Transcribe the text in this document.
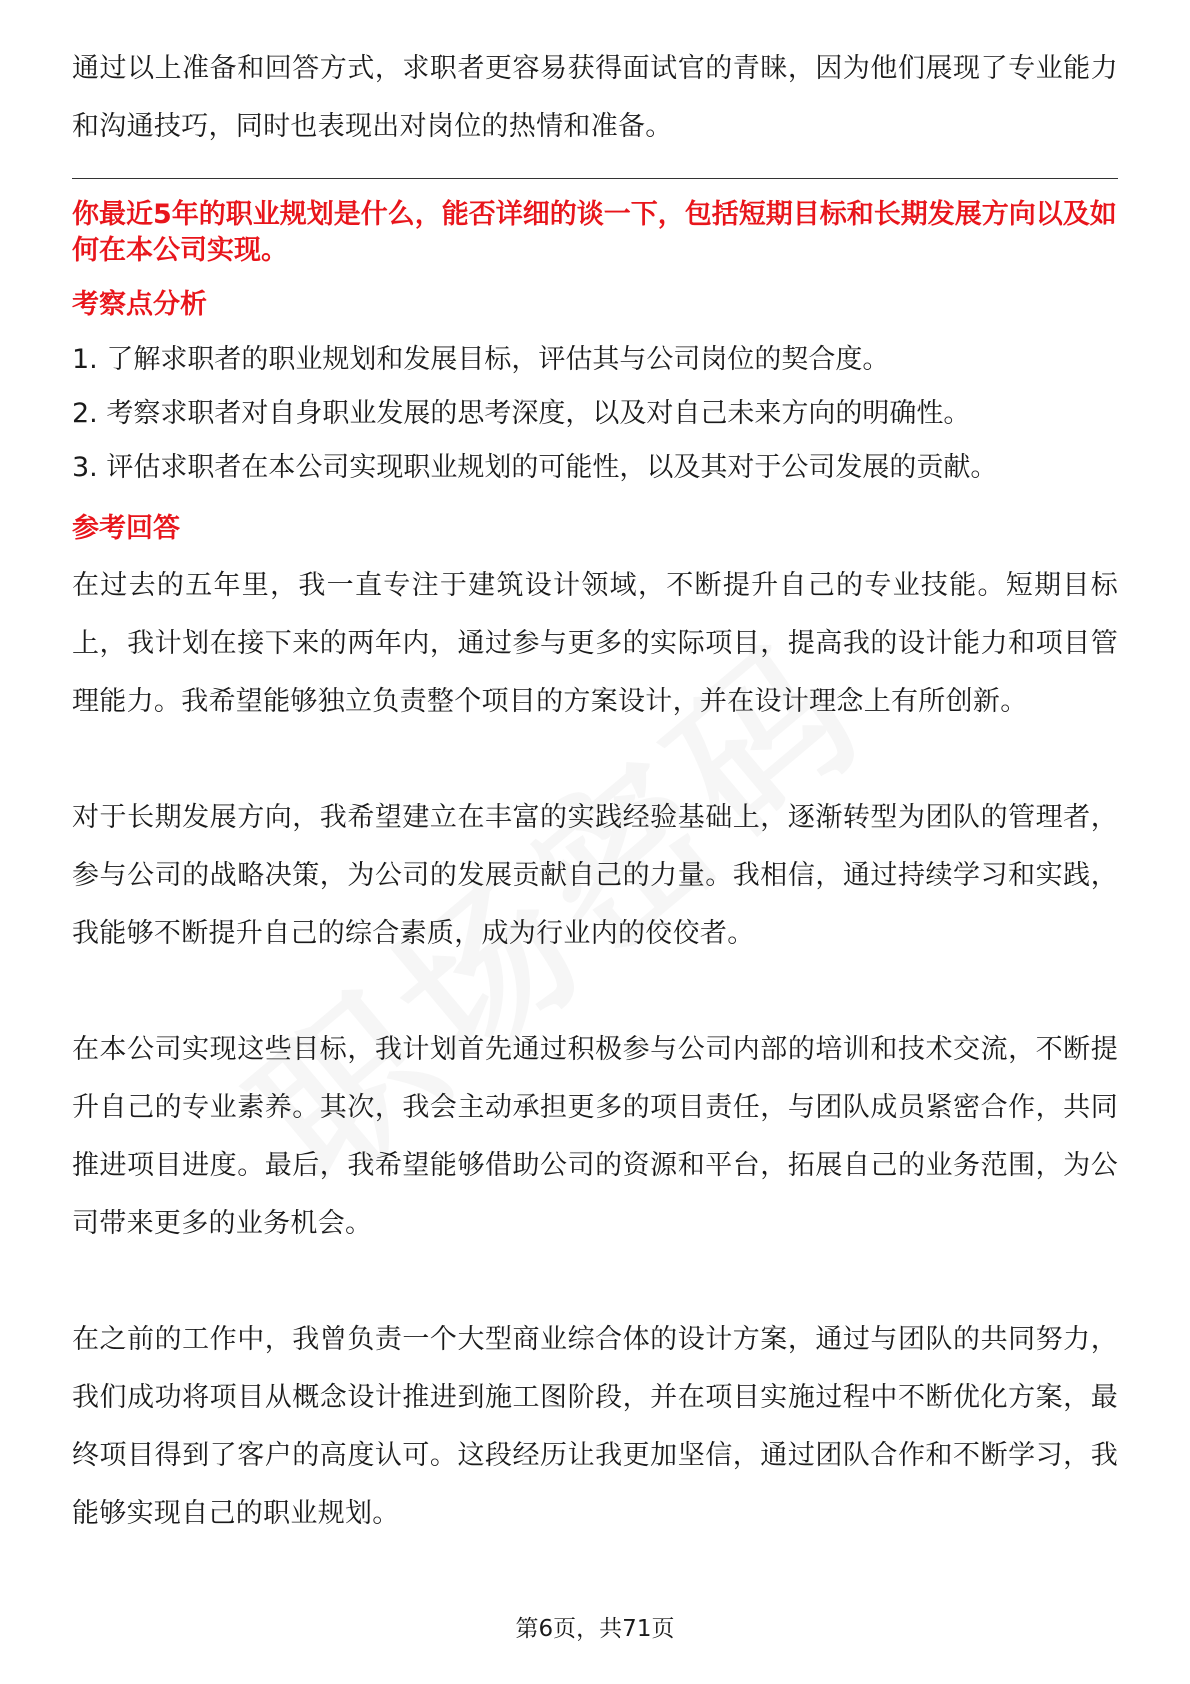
通过以上准备和回答方式，求职者更容易获得面试官的青睐，因为他们展现了专业能力和沟通技巧，同时也表现出对岗位的热情和准备。

你最近5年的职业规划是什么，能否详细的谈一下，包括短期目标和长期发展方向以及如何在本公司实现。

考察点分析

1. 了解求职者的职业规划和发展目标，评估其与公司岗位的契合度。

2. 考察求职者对自身职业发展的思考深度，以及对自己未来方向的明确性。

3. 评估求职者在本公司实现职业规划的可能性，以及其对于公司发展的贡献。

参考回答

在过去的五年里，我一直专注于建筑设计领域，不断提升自己的专业技能。短期目标上，我计划在接下来的两年内，通过参与更多的实际项目，提高我的设计能力和项目管理能力。我希望能够独立负责整个项目的方案设计，并在设计理念上有所创新。

对于长期发展方向，我希望建立在丰富的实践经验基础上，逐渐转型为团队的管理者，参与公司的战略决策，为公司的发展贡献自己的力量。我相信，通过持续学习和实践，我能够不断提升自己的综合素质，成为行业内的佼佼者。

在本公司实现这些目标，我计划首先通过积极参与公司内部的培训和技术交流，不断提升自己的专业素养。其次，我会主动承担更多的项目责任，与团队成员紧密合作，共同推进项目进度。最后，我希望能够借助公司的资源和平台，拓展自己的业务范围，为公司带来更多的业务机会。

在之前的工作中，我曾负责一个大型商业综合体的设计方案，通过与团队的共同努力，我们成功将项目从概念设计推进到施工图阶段，并在项目实施过程中不断优化方案，最终项目得到了客户的高度认可。这段经历让我更加坚信，通过团队合作和不断学习，我能够实现自己的职业规划。

第6页，共71页
